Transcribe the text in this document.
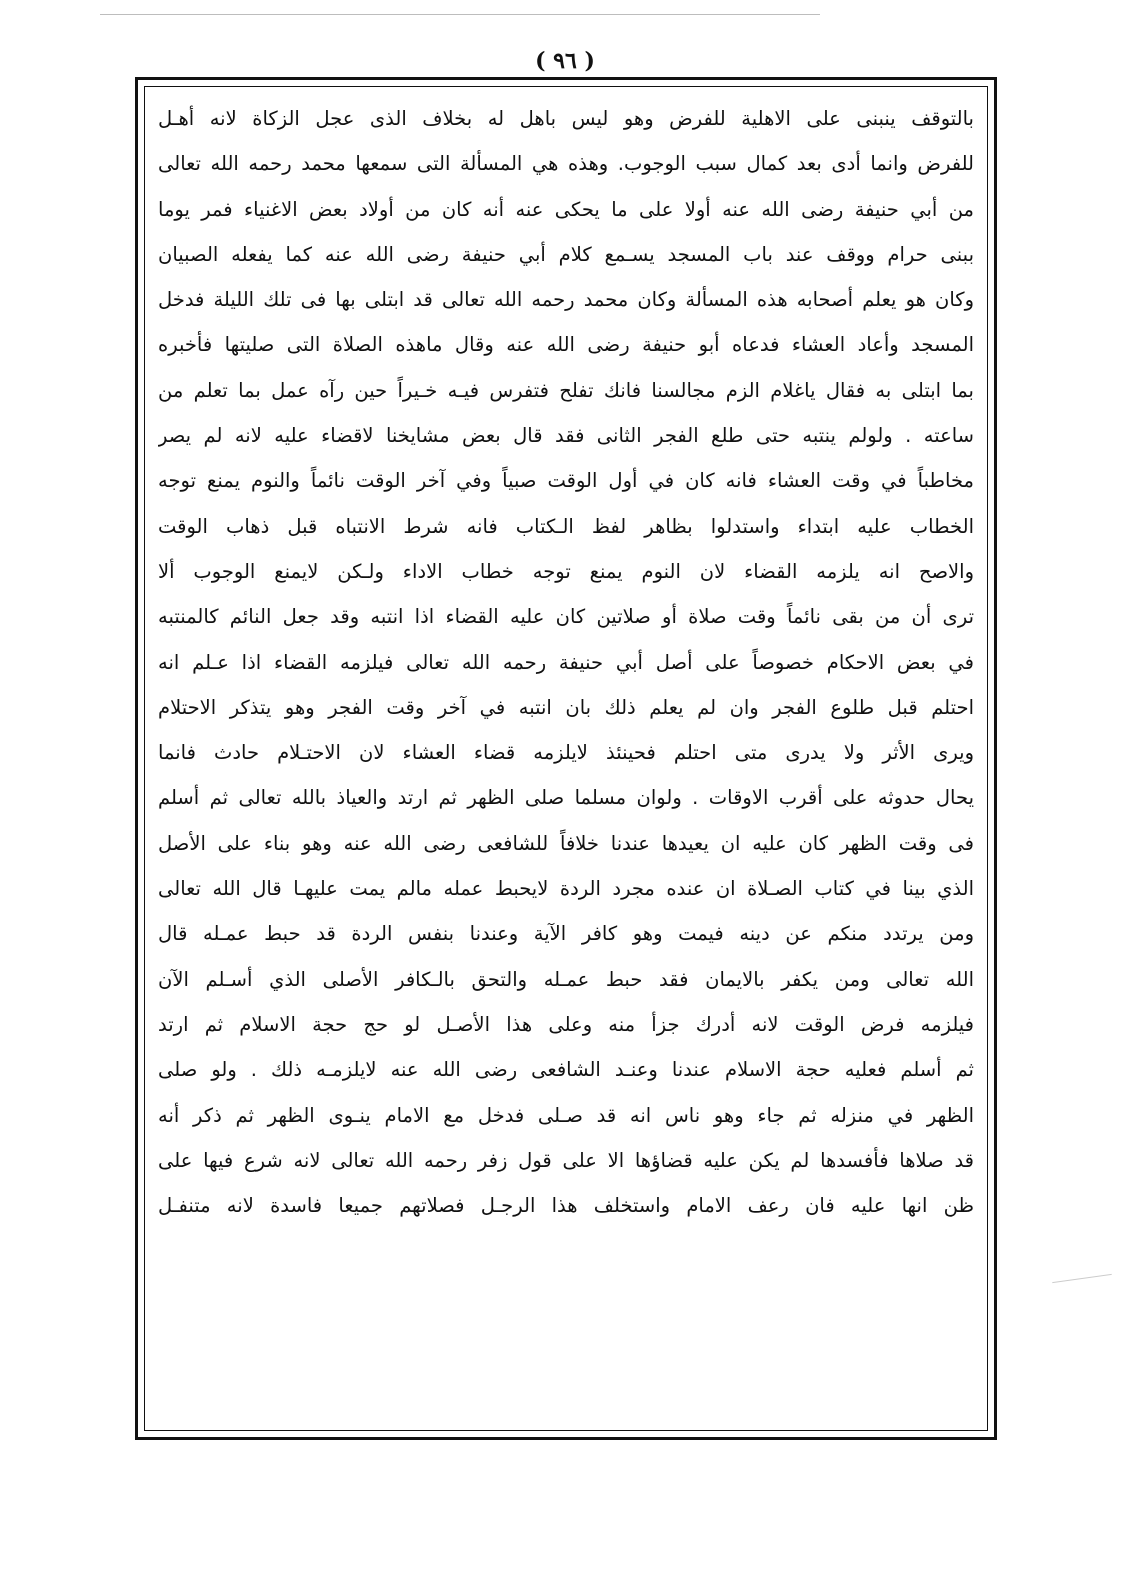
( ٩٦ )
بالتوقف ينبنى على الاهلية للفرض وهو ليس باهل له بخلاف الذى عجل الزكاة لانه أهـل
للفرض وانما أدى بعد كمال سبب الوجوب. وهذه هي المسألة التى سمعها محمد رحمه الله تعالى
من أبي حنيفة رضى الله عنه أولا على ما يحكى عنه أنه كان من أولاد بعض الاغنياء فمر يوما
ببنى حرام ووقف عند باب المسجد يسـمع كلام أبي حنيفة رضى الله عنه كما يفعله الصبيان
وكان هو يعلم أصحابه هذه المسألة وكان محمد رحمه الله تعالى قد ابتلى بها فى تلك الليلة فدخل
المسجد وأعاد العشاء فدعاه أبو حنيفة رضى الله عنه وقال ماهذه الصلاة التى صليتها فأخبره
بما ابتلى به فقال ياغلام الزم مجالسنا فانك تفلح فتفرس فيـه خـيراً حين رآه عمل بما تعلم من
ساعته . ولولم ينتبه حتى طلع الفجر الثانى فقد قال بعض مشايخنا لاقضاء عليه لانه لم يصر
مخاطباً في وقت العشاء فانه كان في أول الوقت صبياً وفي آخر الوقت نائماً والنوم يمنع توجه
الخطاب عليه ابتداء واستدلوا بظاهر لفظ الـكتاب فانه شرط الانتباه قبل ذهاب الوقت
والاصح انه يلزمه القضاء لان النوم يمنع توجه خطاب الاداء ولـكن لايمنع الوجوب ألا
ترى أن من بقى نائماً وقت صلاة أو صلاتين كان عليه القضاء اذا انتبه وقد جعل النائم كالمنتبه
في بعض الاحكام خصوصاً على أصل أبي حنيفة رحمه الله تعالى فيلزمه القضاء اذا عـلم انه
احتلم قبل طلوع الفجر وان لم يعلم ذلك بان انتبه في آخر وقت الفجر وهو يتذكر الاحتلام
ويرى الأثر ولا يدرى متى احتلم فحينئذ لايلزمه قضاء العشاء لان الاحتـلام حادث فانما
يحال حدوثه على أقرب الاوقات . ولوان مسلما صلى الظهر ثم ارتد والعياذ بالله تعالى ثم أسلم
فى وقت الظهر كان عليه ان يعيدها عندنا خلافاً للشافعى رضى الله عنه وهو بناء على الأصل
الذي بينا في كتاب الصـلاة ان عنده مجرد الردة لايحبط عمله مالم يمت عليهـا قال الله تعالى
ومن يرتدد منكم عن دينه فيمت وهو كافر الآية وعندنا بنفس الردة قد حبط عمـله قال
الله تعالى ومن يكفر بالايمان فقد حبط عمـله والتحق بالـكافر الأصلى الذي أسـلم الآن
فيلزمه فرض الوقت لانه أدرك جزأ منه وعلى هذا الأصـل لو حج حجة الاسلام ثم ارتد
ثم أسلم فعليه حجة الاسلام عندنا وعنـد الشافعى رضى الله عنه لايلزمـه ذلك . ولو صلى
الظهر في منزله ثم جاء وهو ناس انه قد صـلى فدخل مع الامام ينـوى الظهر ثم ذكر أنه
قد صلاها فأفسدها لم يكن عليه قضاؤها الا على قول زفر رحمه الله تعالى لانه شرع فيها على
ظن انها عليه فان رعف الامام واستخلف هذا الرجـل فصلاتهم جميعا فاسدة لانه متنفـل
